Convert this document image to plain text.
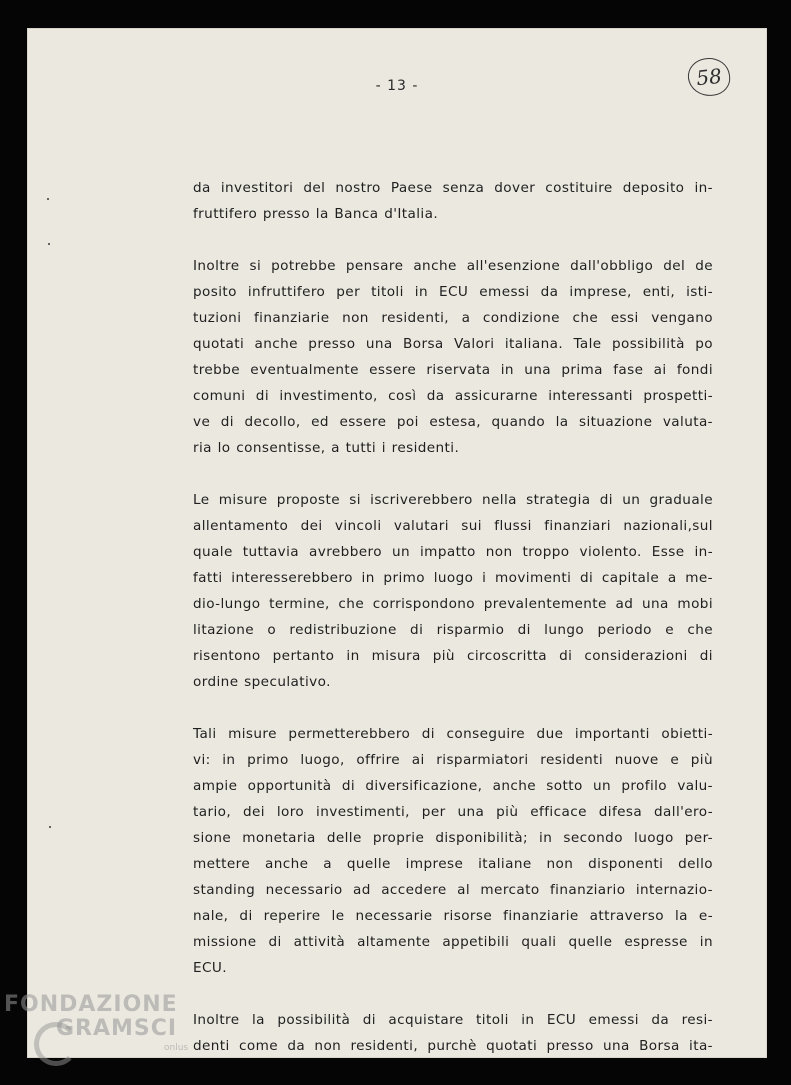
- 13 -	58
da investitori del nostro Paese senza dover costituire deposito in-
fruttifero presso la Banca d'Italia.
Inoltre si potrebbe pensare anche all'esenzione dall'obbligo del de
posito infruttifero per titoli in ECU emessi da imprese, enti, isti-
tuzioni finanziarie non residenti, a condizione che essi vengano
quotati anche presso una Borsa Valori italiana. Tale possibilità po
trebbe eventualmente essere riservata in una prima fase ai fondi
comuni di investimento, così da assicurarne interessanti prospetti-
ve di decollo, ed essere poi estesa, quando la situazione valuta-
ria lo consentisse, a tutti i residenti.
Le misure proposte si iscriverebbero nella strategia di un graduale
allentamento dei vincoli valutari sui flussi finanziari nazionali,sul
quale tuttavia avrebbero un impatto non troppo violento. Esse in-
fatti interesserebbero in primo luogo i movimenti di capitale a me-
dio-lungo termine, che corrispondono prevalentemente ad una mobi
litazione o redistribuzione di risparmio di lungo periodo e che
risentono pertanto in misura più circoscritta di considerazioni di
ordine speculativo.
Tali misure permetterebbero di conseguire due importanti obietti-
vi: in primo luogo, offrire ai risparmiatori residenti nuove e più
ampie opportunità di diversificazione, anche sotto un profilo valu-
tario, dei loro investimenti, per una più efficace difesa dall'ero-
sione monetaria delle proprie disponibilità; in secondo luogo per-
mettere anche a quelle imprese italiane non disponenti dello
standing necessario ad accedere al mercato finanziario internazio-
nale, di reperire le necessarie risorse finanziarie attraverso la e-
missione di attività altamente appetibili quali quelle espresse in
ECU.
Inoltre la possibilità di acquistare titoli in ECU emessi da resi-
denti come da non residenti, purchè quotati presso una Borsa ita-
FONDAZIONE
GRAMSCI
onlus
